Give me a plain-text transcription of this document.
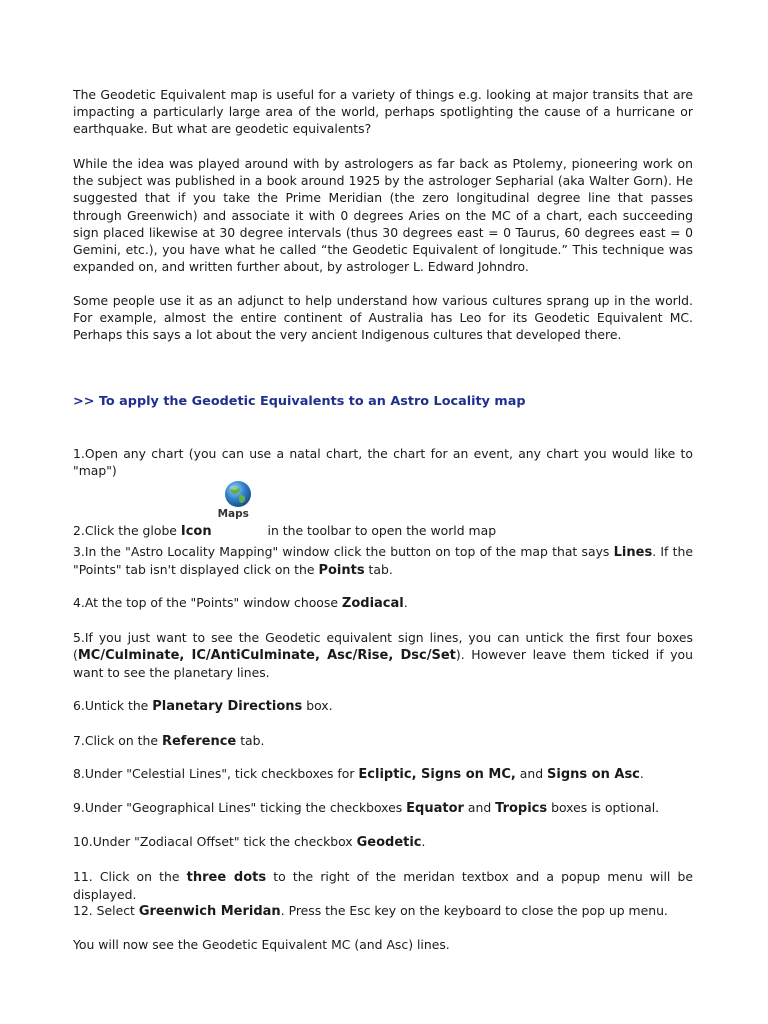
The Geodetic Equivalent map is useful for a variety of things e.g. looking at major transits that are impacting a particularly large area of the world, perhaps spotlighting the cause of a hurricane or earthquake. But what are geodetic equivalents?

While the idea was played around with by astrologers as far back as Ptolemy, pioneering work on the subject was published in a book around 1925 by the astrologer Sepharial (aka Walter Gorn). He suggested that if you take the Prime Meridian (the zero longitudinal degree line that passes through Greenwich) and associate it with 0 degrees Aries on the MC of a chart, each succeeding sign placed likewise at 30 degree intervals (thus 30 degrees east = 0 Taurus, 60 degrees east = 0 Gemini, etc.), you have what he called “the Geodetic Equivalent of longitude.” This technique was expanded on, and written further about, by astrologer L. Edward Johndro.

Some people use it as an adjunct to help understand how various cultures sprang up in the world. For example, almost the entire continent of Australia has Leo for its Geodetic Equivalent MC. Perhaps this says a lot about the very ancient Indigenous cultures that developed there.

>> To apply the Geodetic Equivalents to an Astro Locality map

1.Open any chart (you can use a natal chart, the chart for an event, any chart you would like to "map")

2.Click the globe Icon
Maps
in the toolbar to open the world map

3.In the "Astro Locality Mapping" window click the button on top of the map that says Lines. If the "Points" tab isn't displayed click on the Points tab.

4.At the top of the "Points" window choose Zodiacal.

5.If you just want to see the Geodetic equivalent sign lines, you can untick the first four boxes (MC/Culminate, IC/AntiCulminate, Asc/Rise, Dsc/Set). However leave them ticked if you want to see the planetary lines.

6.Untick the Planetary Directions box.

7.Click on the Reference tab.

8.Under "Celestial Lines", tick checkboxes for Ecliptic, Signs on MC, and Signs on Asc.

9.Under "Geographical Lines" ticking the checkboxes Equator and Tropics boxes is optional.

10.Under "Zodiacal Offset" tick the checkbox Geodetic.

11. Click on the three dots to the right of the meridan textbox and a popup menu will be displayed.

12. Select Greenwich Meridan. Press the Esc key on the keyboard to close the pop up menu.

You will now see the Geodetic Equivalent MC (and Asc) lines.
